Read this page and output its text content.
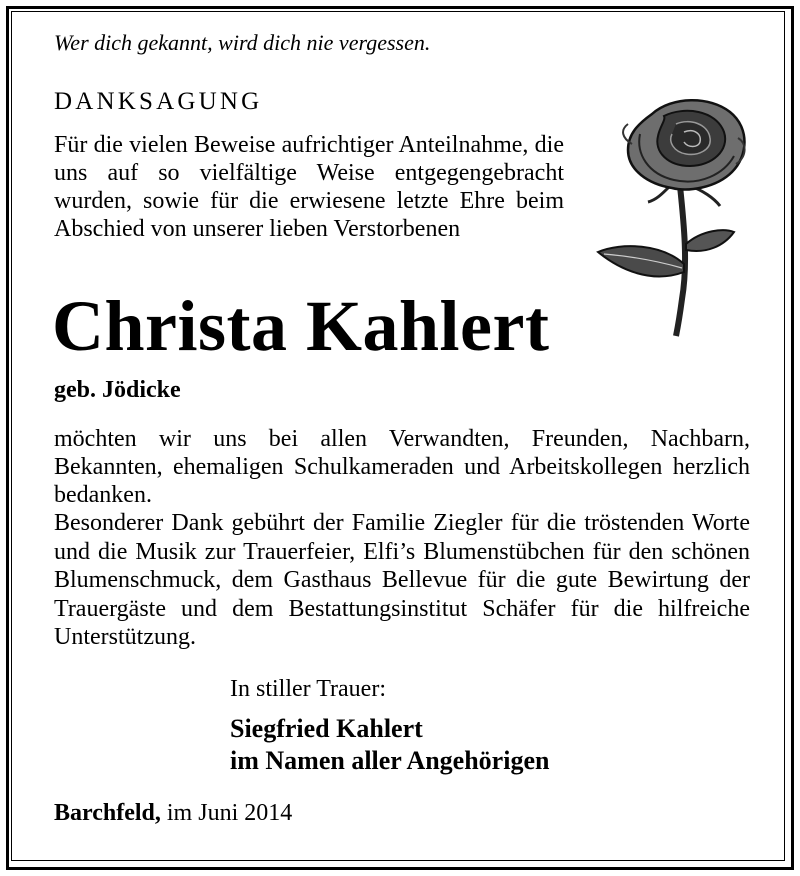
Wer dich gekannt, wird dich nie vergessen.
DANKSAGUNG
Für die vielen Beweise aufrichtiger Anteilnahme, die uns auf so vielfältige Weise entgegengebracht wurden, sowie für die erwiesene letzte Ehre beim Abschied von unserer lieben Verstorbenen
Christa Kahlert
geb. Jödicke
möchten wir uns bei allen Verwandten, Freunden, Nachbarn, Bekannten, ehemaligen Schulkameraden und Arbeitskollegen herzlich bedanken.
Besonderer Dank gebührt der Familie Ziegler für die tröstenden Worte und die Musik zur Trauerfeier, Elfi’s Blumenstübchen für den schönen Blumenschmuck, dem Gasthaus Bellevue für die gute Bewirtung der Trauergäste und dem Bestattungsinstitut Schäfer für die hilfreiche Unterstützung.
In stiller Trauer:
Siegfried Kahlert
im Namen aller Angehörigen
Barchfeld, im Juni 2014
